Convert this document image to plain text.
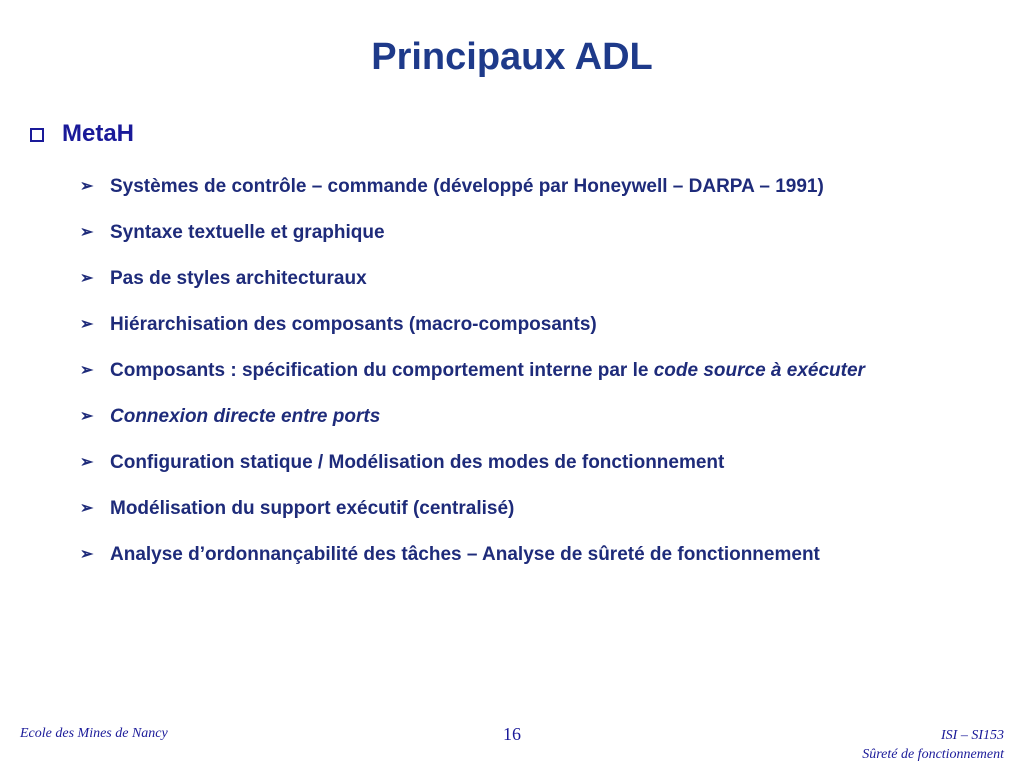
Principaux ADL
MetaH
➢ Systèmes de contrôle – commande (développé par Honeywell – DARPA – 1991)
➢ Syntaxe textuelle et graphique
➢ Pas de styles architecturaux
➢ Hiérarchisation des composants (macro-composants)
➢ Composants : spécification du comportement interne par le code source à exécuter
➢ Connexion directe entre ports
➢ Configuration statique / Modélisation des modes de fonctionnement
➢ Modélisation du support exécutif (centralisé)
➢ Analyse d’ordonnançabilité des tâches – Analyse de sûreté de fonctionnement
Ecole des Mines de Nancy	16	ISI – SI153
Sûreté de fonctionnement
